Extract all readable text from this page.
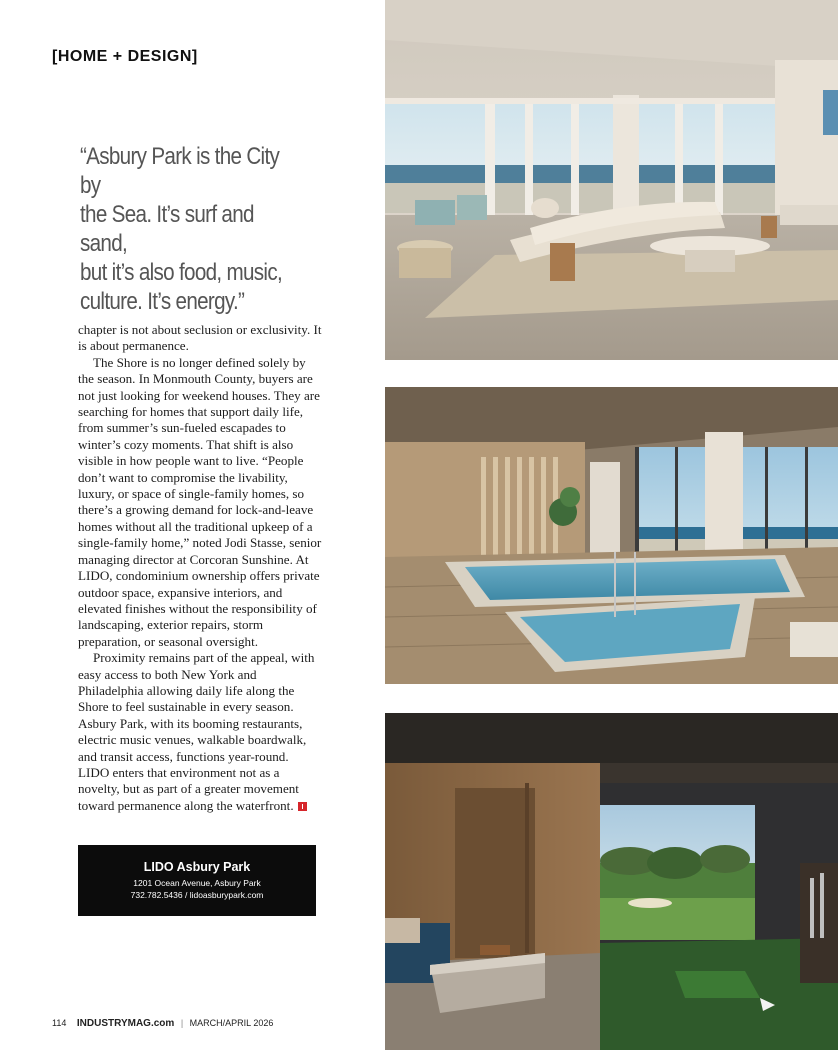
[HOME + DESIGN]

“Asbury Park is the City by

the Sea. It’s surf and sand,

but it’s also food, music,

culture. It’s energy.”

chapter is not about seclusion or exclusivity. It is about permanence.

The Shore is no longer defined solely by the season. In Monmouth County, buyers are not just looking for weekend houses. They are searching for homes that support daily life, from summer’s sun-fueled escapades to winter’s cozy moments. That shift is also visible in how people want to live. “People don’t want to compromise the livability, luxury, or space of single-family homes, so there’s a growing demand for lock-and-leave homes without all the traditional upkeep of a single-family home,” noted Jodi Stasse, senior managing director at Corcoran Sunshine. At LIDO, condominium ownership offers private outdoor space, expansive interiors, and elevated finishes without the responsibility of landscaping, exterior repairs, storm preparation, or seasonal oversight.

Proximity remains part of the appeal, with easy access to both New York and Philadelphia allowing daily life along the Shore to feel sustainable in every season. Asbury Park, with its booming restaurants, electric music venues, walkable boardwalk, and transit access, functions year-round. LIDO enters that environment not as a novelty, but as part of a greater movement toward permanence along the waterfront.

LIDO Asbury Park
1201 Ocean Avenue, Asbury Park
732.782.5436 / lidoasburypark.com
114 INDUSTRYMAG.com | MARCH/APRIL 2026
